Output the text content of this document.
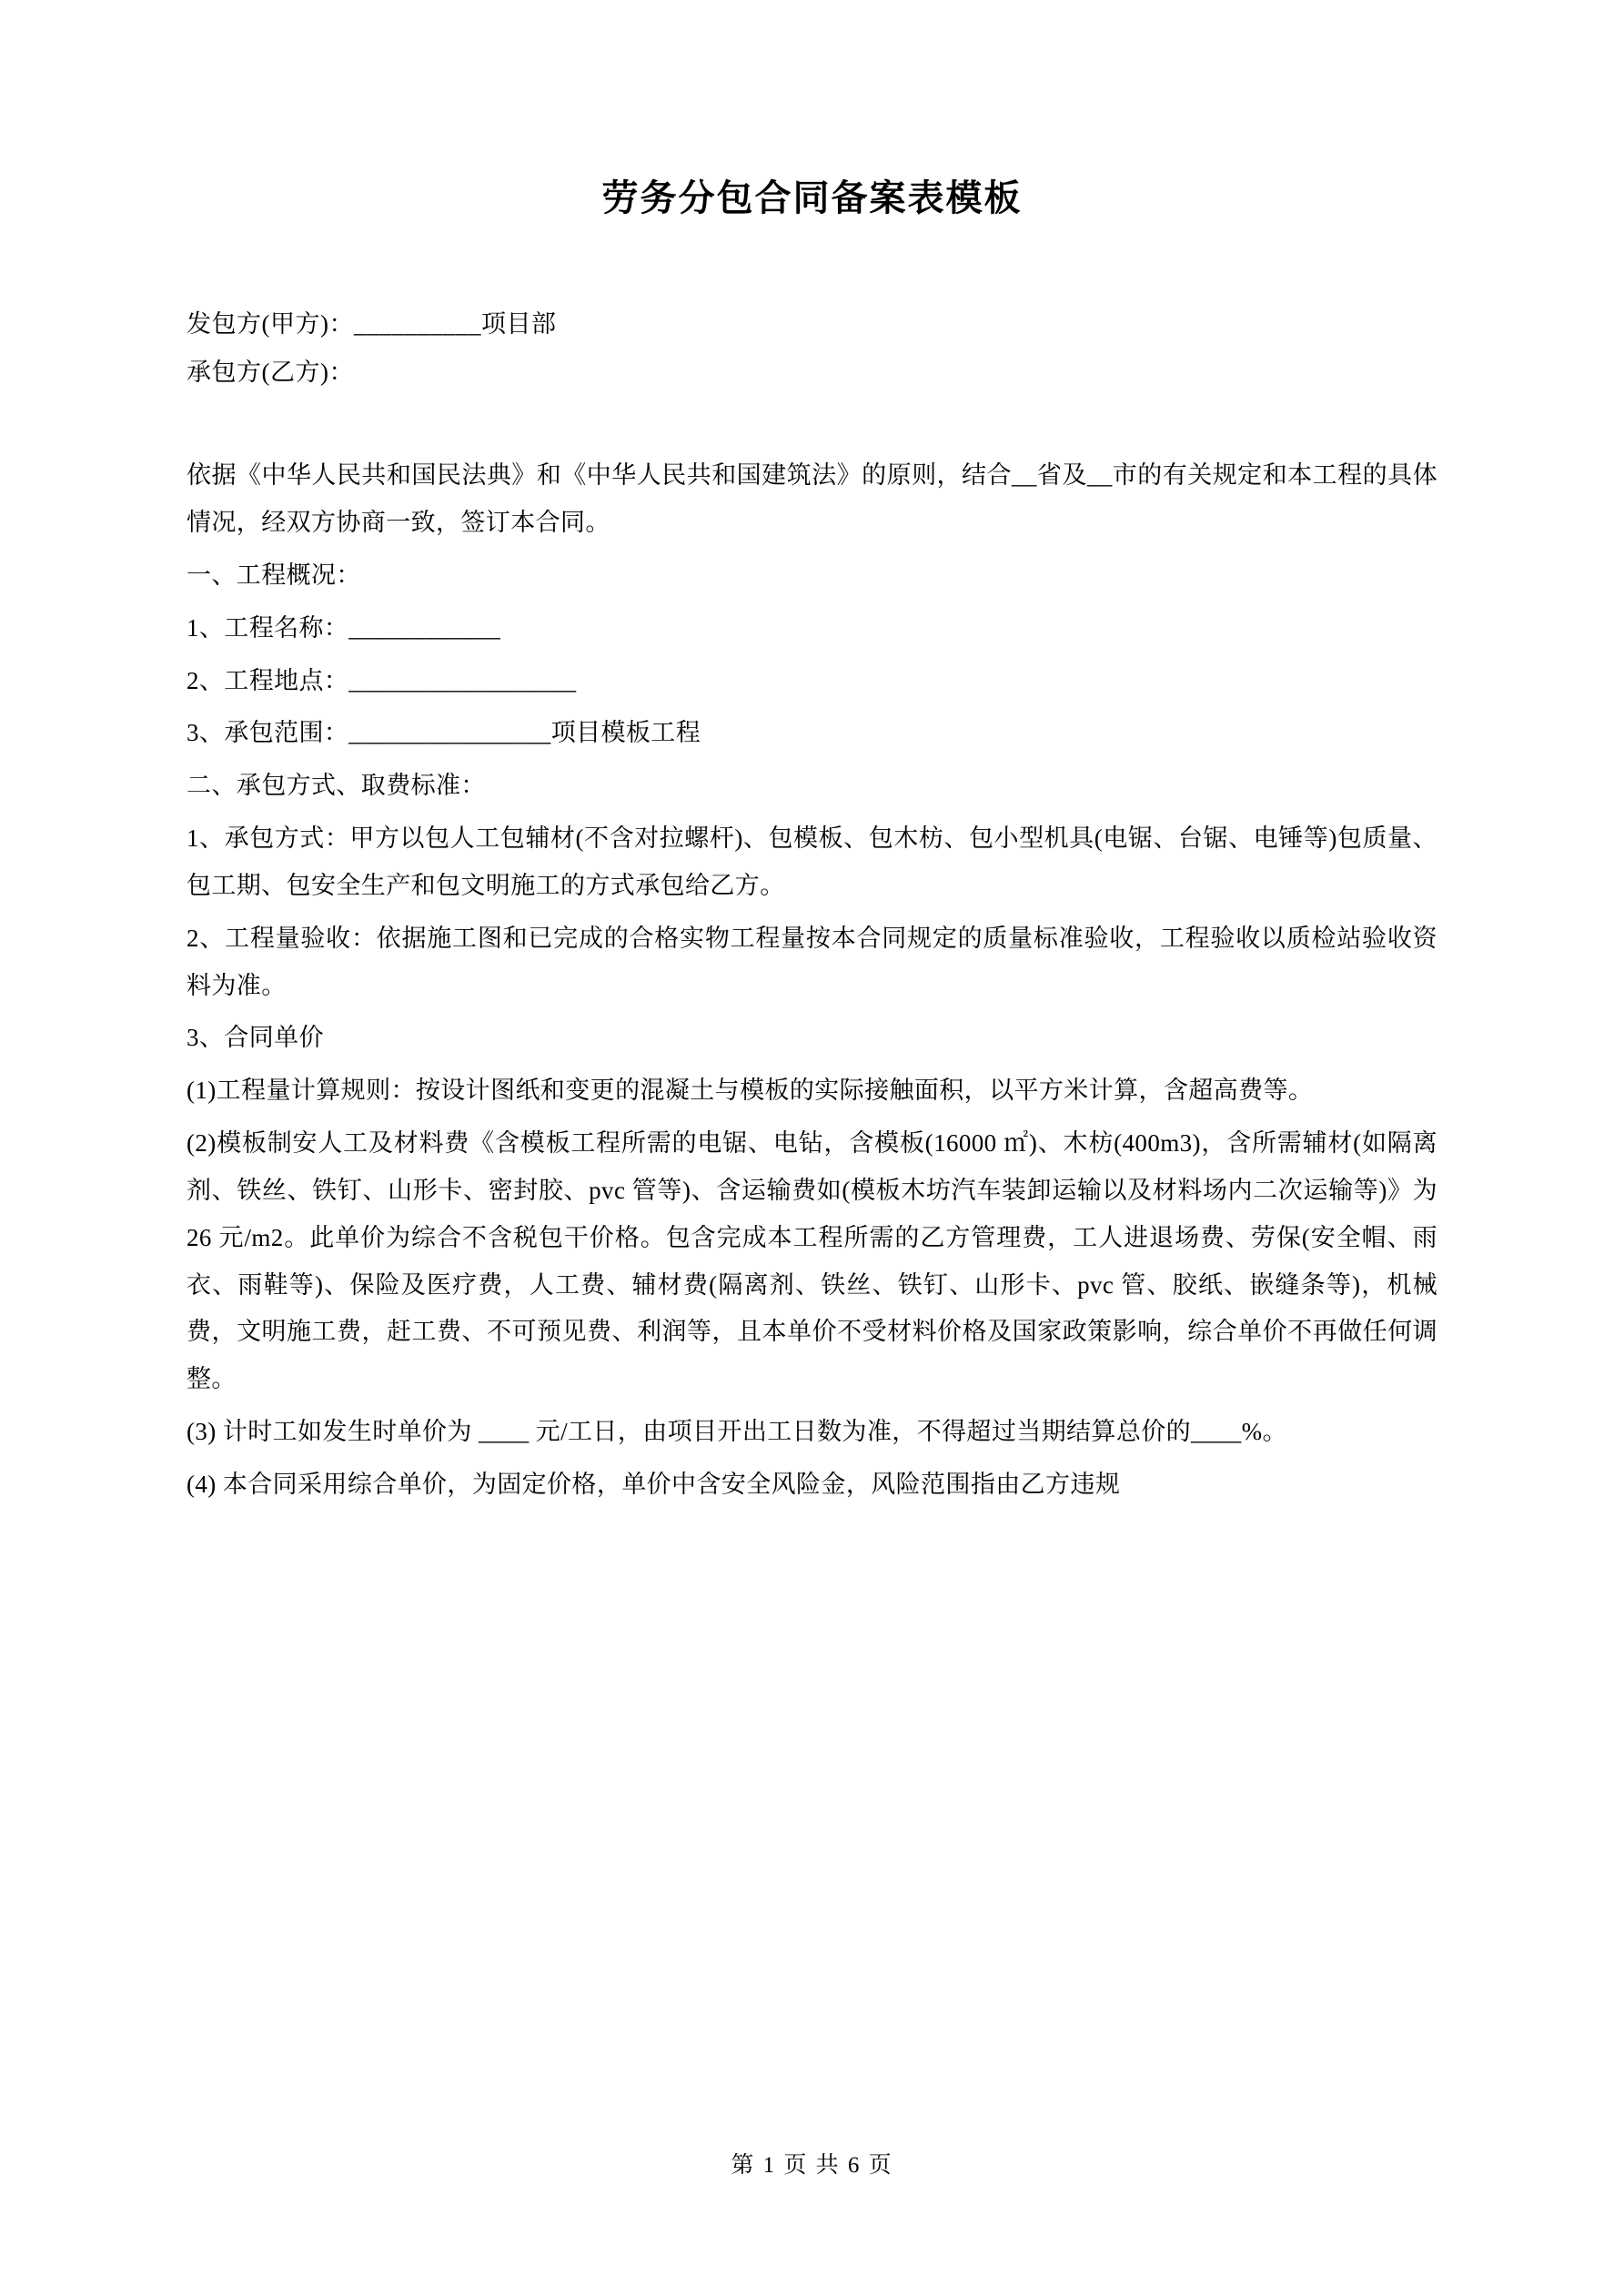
劳务分包合同备案表模板
发包方(甲方)：__________项目部
承包方(乙方)：

依据《中华人民共和国民法典》和《中华人民共和国建筑法》的原则，结合__省及__市的有关规定和本工程的具体情况，经双方协商一致，签订本合同。

一、工程概况：

1、工程名称：____________

2、工程地点：__________________

3、承包范围：________________项目模板工程

二、承包方式、取费标准：

1、承包方式：甲方以包人工包辅材(不含对拉螺杆)、包模板、包木枋、包小型机具(电锯、台锯、电锤等)包质量、包工期、包安全生产和包文明施工的方式承包给乙方。

2、工程量验收：依据施工图和已完成的合格实物工程量按本合同规定的质量标准验收，工程验收以质检站验收资料为准。

3、合同单价

(1)工程量计算规则：按设计图纸和变更的混凝土与模板的实际接触面积，以平方米计算，含超高费等。

(2)模板制安人工及材料费《含模板工程所需的电锯、电钻，含模板(16000 ㎡)、木枋(400m3)，含所需辅材(如隔离剂、铁丝、铁钉、山形卡、密封胶、pvc 管等)、含运输费如(模板木坊汽车装卸运输以及材料场内二次运输等)》为 26 元/m2。此单价为综合不含税包干价格。包含完成本工程所需的乙方管理费，工人进退场费、劳保(安全帽、雨衣、雨鞋等)、保险及医疗费，人工费、辅材费(隔离剂、铁丝、铁钉、山形卡、pvc 管、胶纸、嵌缝条等)，机械费，文明施工费，赶工费、不可预见费、利润等，且本单价不受材料价格及国家政策影响，综合单价不再做任何调整。

(3) 计时工如发生时单价为 ____ 元/工日，由项目开出工日数为准，不得超过当期结算总价的____%。

(4) 本合同采用综合单价，为固定价格，单价中含安全风险金，风险范围指由乙方违规

第 1 页 共 6 页
